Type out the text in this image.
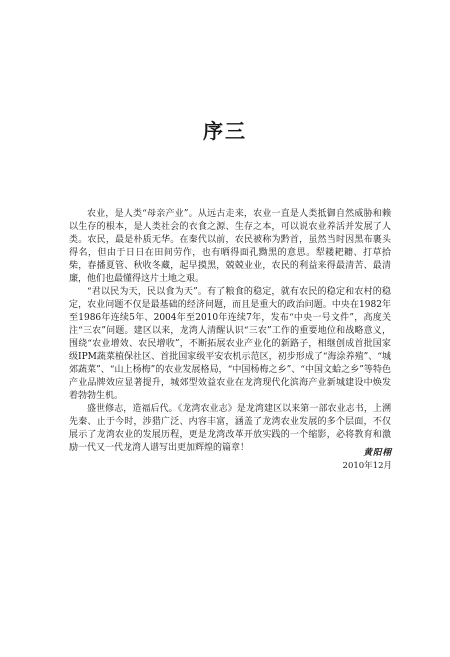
序三

农业，是人类“母亲产业”。从远古走来，农业一直是人类抵御自然威胁和赖以生存的根本，是人类社会的衣食之源、生存之本，可以说农业养活并发展了人类。农民，最是朴质无华。在秦代以前，农民被称为黔首，虽然当时因黑布裹头得名，但由于日日在田间劳作，也有晒得面孔黝黑的意思。犁耧耙耱、打草拾柴，春播夏管、秋收冬藏，起早摸黑，兢兢业业，农民的利益来得最清苦、最清廉，他们也最懂得这片土地之艰。

“君以民为天，民以食为天”。有了粮食的稳定，就有农民的稳定和农村的稳定，农业问题不仅是最基础的经济问题，而且是重大的政治问题。中央在1982年至1986年连续5年、2004年至2010年连续7年，发布“中央一号文件”，高度关注“三农”问题。建区以来，龙湾人清醒认识“三农”工作的重要地位和战略意义，围绕“农业增效、农民增收”，不断拓展农业产业化的新路子，相继创成首批国家级IPM蔬菜植保社区、首批国家级平安农机示范区，初步形成了“海涂养殖”、“城郊蔬菜”、“山上杨梅”的农业发展格局，“中国杨梅之乡”、“中国文蛤之乡”等特色产业品牌效应显著提升，城郊型效益农业在龙湾现代化滨海产业新城建设中焕发着勃勃生机。

盛世修志，造福后代。《龙湾农业志》是龙湾建区以来第一部农业志书，上溯先秦、止于今时，涉猎广泛、内容丰富，涵盖了龙湾农业发展的多个层面，不仅展示了龙湾农业的发展历程，更是龙湾改革开放实践的一个缩影，必将教育和激励一代又一代龙湾人谱写出更加辉煌的篇章！	黄阳栩
2010年12月
